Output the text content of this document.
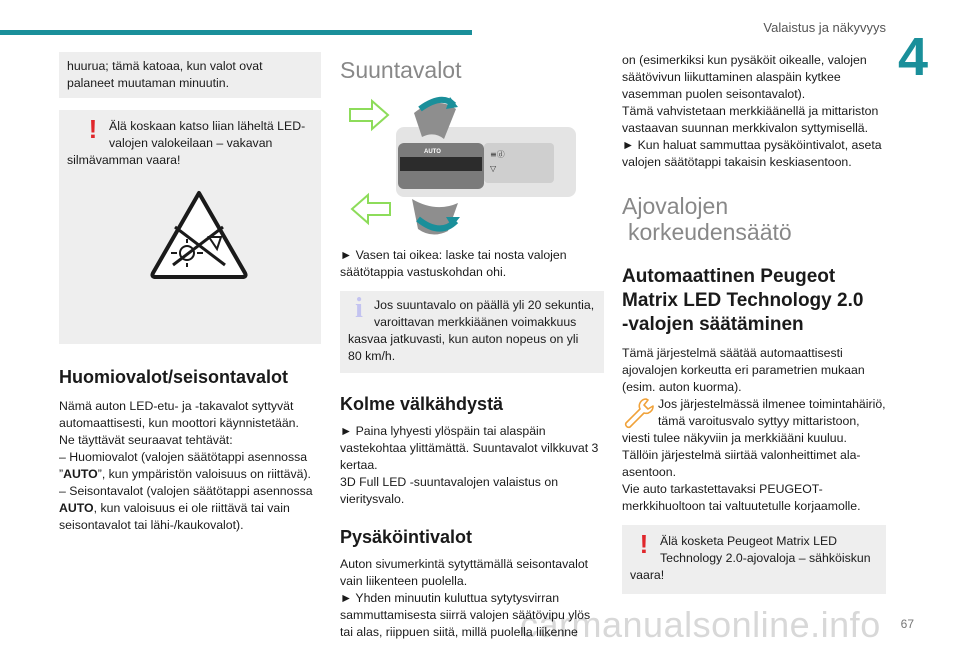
Valaistus ja näkyvyys 4
67
carmanualsonline.info

huurua; tämä katoaa, kun valot ovat palaneet muutaman minuutin.

! Älä koskaan katso liian läheltä LED-

valojen valokeilaan – vakavan

silmävamman vaara!

Huomiovalot/seisontavalot

Nämä auton LED-etu- ja -takavalot syttyvät automaattisesti, kun moottori käynnistetään.

Ne täyttävät seuraavat tehtävät:

– Huomiovalot (valojen säätötappi asennossa ”AUTO”, kun ympäristön valoisuus on riittävä).

– Seisontavalot (valojen säätötappi asennossa AUTO, kun valoisuus ei ole riittävä tai vain seisontavalot tai lähi-/kaukovalot).

Suuntavalot
≡ⓓ
▽
AUTO

► Vasen tai oikea: laske tai nosta valojen säätötappia vastuskohdan ohi.

i Jos suuntavalo on päällä yli 20 sekuntia,

varoittavan merkkiäänen voimakkuus

kasvaa jatkuvasti, kun auton nopeus on yli

80 km/h.

Kolme välkähdystä

► Paina lyhyesti ylöspäin tai alaspäin vastekohtaa ylittämättä. Suuntavalot vilkkuvat 3 kertaa.

3D Full LED -suuntavalojen valaistus on vieritysvalo.

Pysäköintivalot

Auton sivumerkintä sytyttämällä seisontavalot vain liikenteen puolella.

► Yhden minuutin kuluttua sytytysvirran sammuttamisesta siirrä valojen säätövipu ylös tai alas, riippuen siitä, millä puolella liikenne

on (esimerkiksi kun pysäköit oikealle, valojen säätövivun liikuttaminen alaspäin kytkee vasemman puolen seisontavalot).

Tämä vahvistetaan merkkiäänellä ja mittariston vastaavan suunnan merkkivalon syttymisellä.

► Kun haluat sammuttaa pysäköintivalot, aseta valojen säätötappi takaisin keskiasentoon.

Ajovalojen
korkeudensäätö
Automaattinen Peugeot
Matrix LED Technology 2.0
-valojen säätäminen

Tämä järjestelmä säätää automaattisesti ajovalojen korkeutta eri parametrien mukaan (esim. auton kuorma).

Jos järjestelmässä ilmenee toimintahäiriö,

tämä varoitusvalo syttyy mittaristoon,

viesti tulee näkyviin ja merkkiääni kuuluu.

Tällöin järjestelmä siirtää valonheittimet ala-asentoon.

Vie auto tarkastettavaksi PEUGEOT-merkkihuoltoon tai valtuutetulle korjaamolle.

! Älä kosketa Peugeot Matrix LED

Technology 2.0-ajovaloja – sähköiskun

vaara!
